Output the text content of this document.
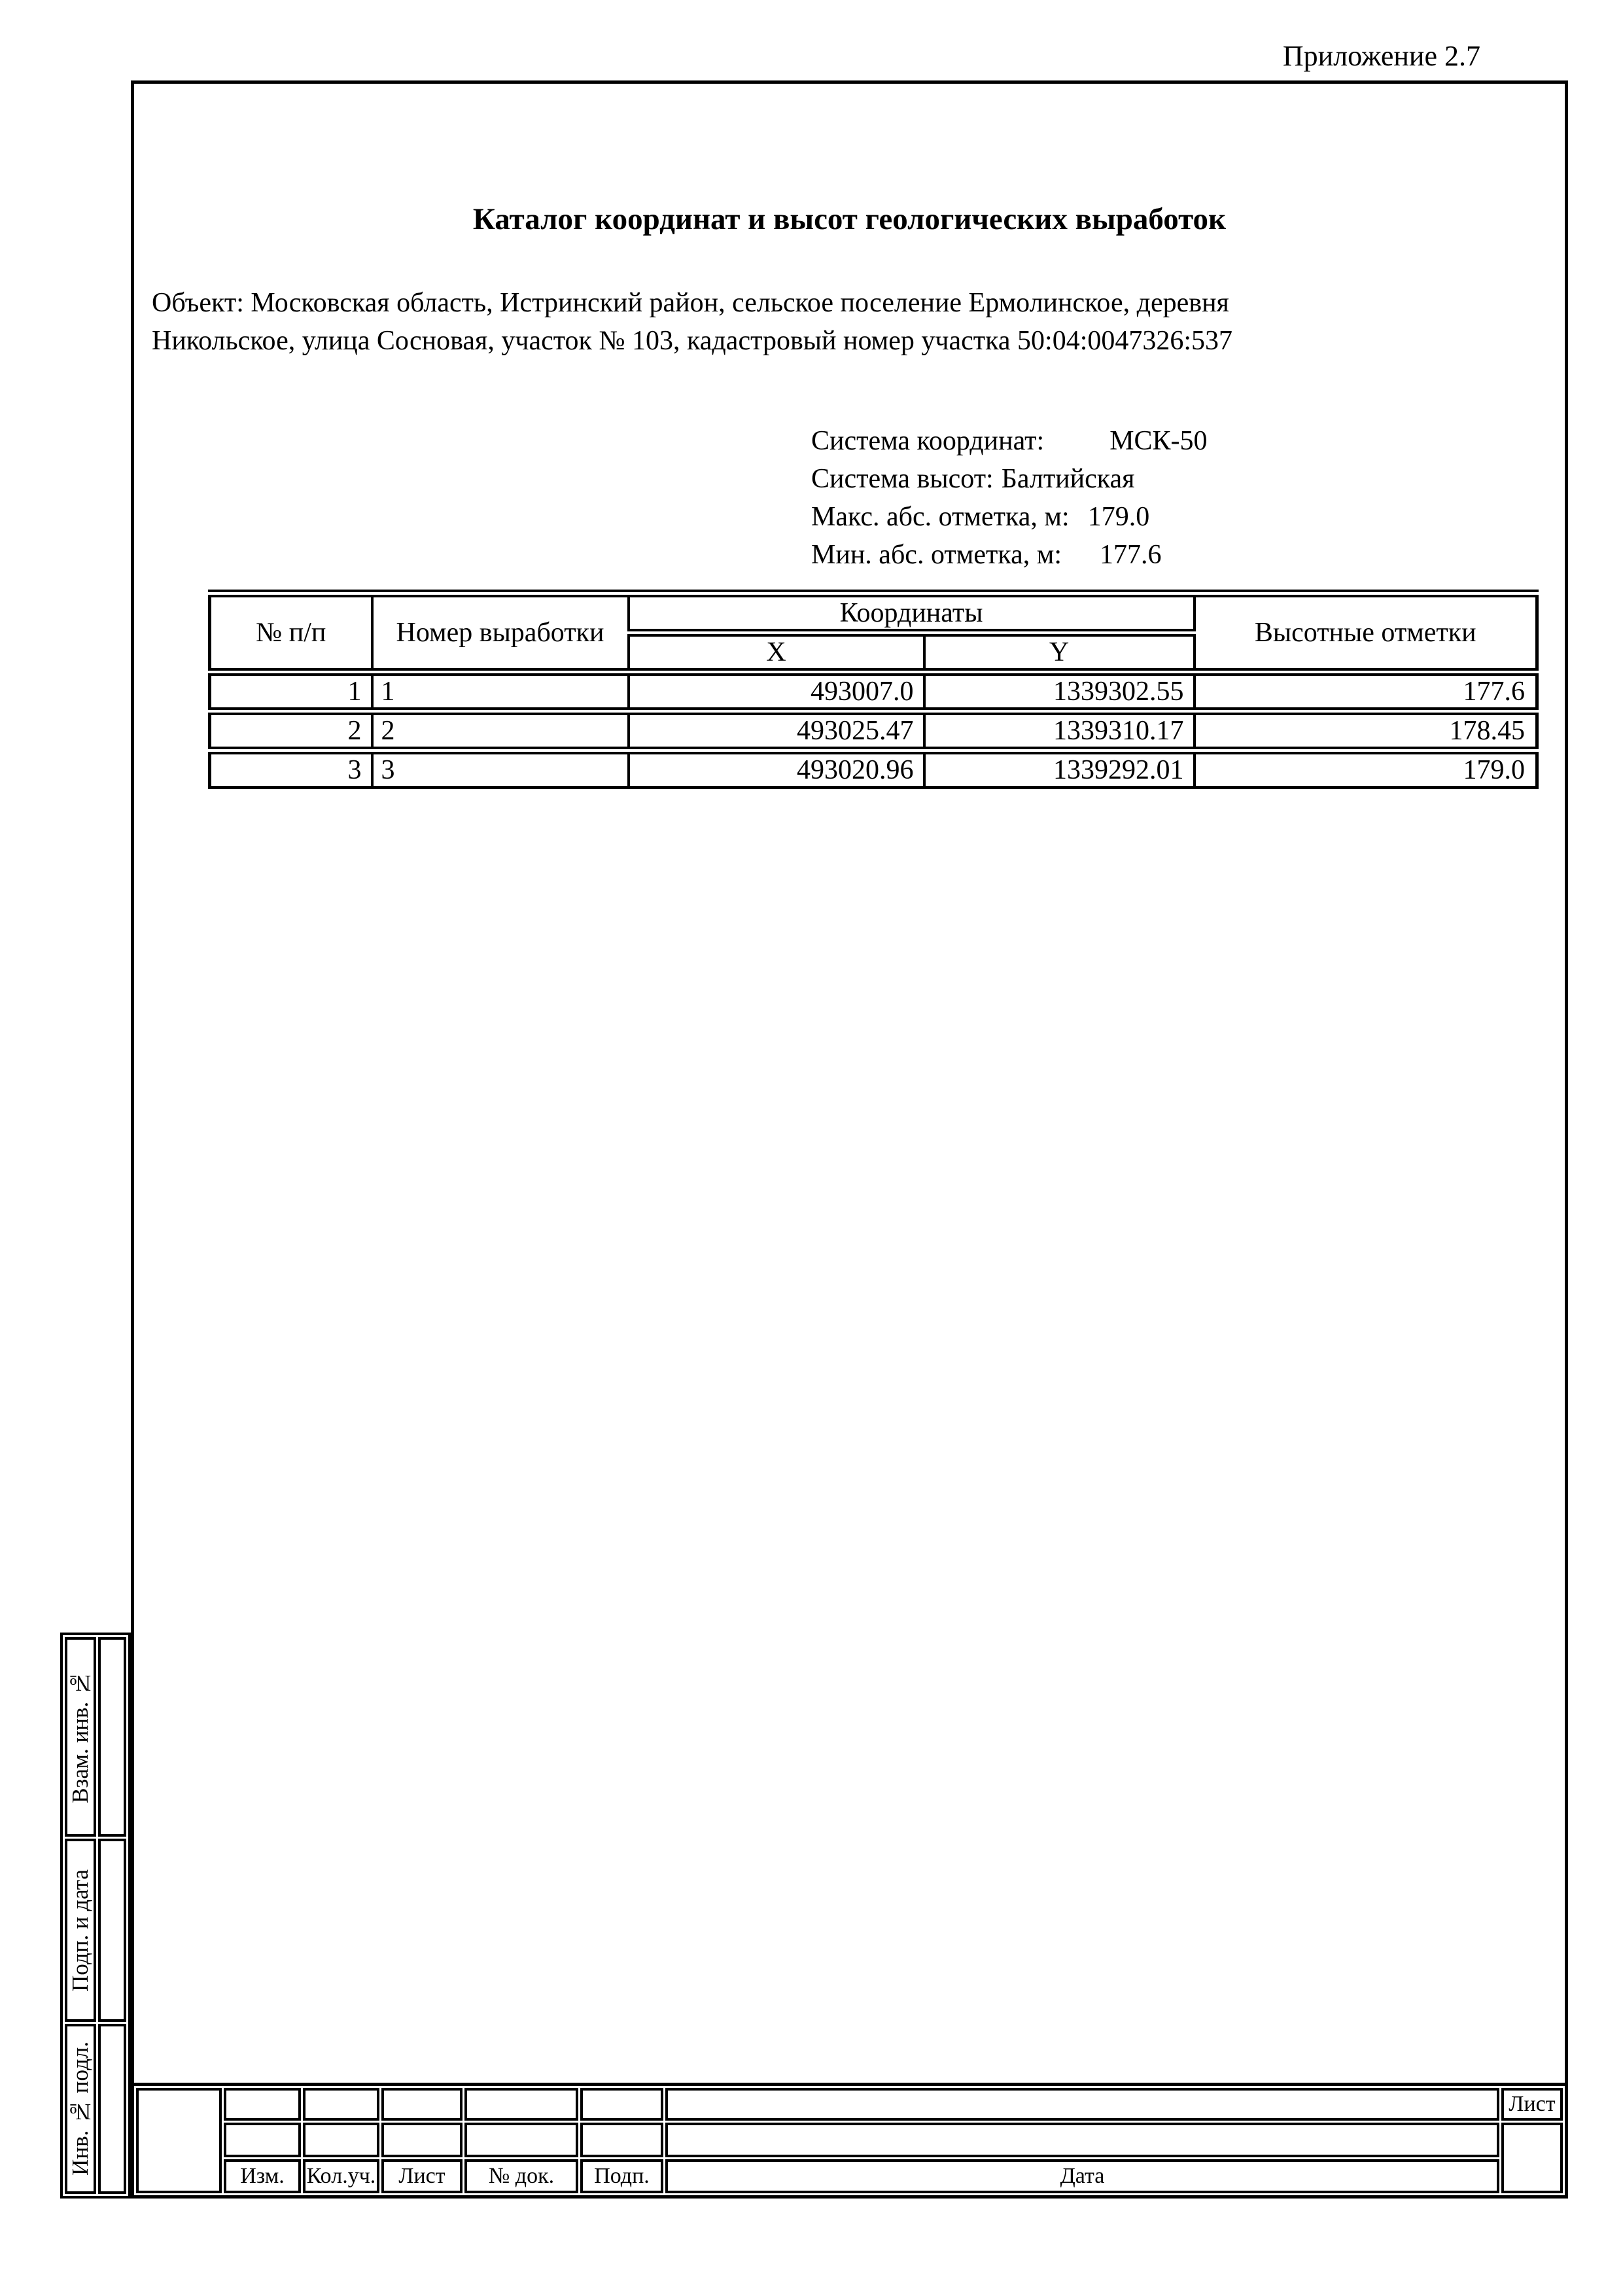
Приложение 2.7
Каталог координат и высот геологических выработок
Объект: Московская область, Истринский район, сельское поселение Ермолинское, деревня
Никольское, улица Сосновая, участок № 103, кадастровый номер участка 50:04:0047326:537
Система координат: МСК-50
Система высот: Балтийская
Макс. абс. отметка, м: 179.0
Мин. абс. отметка, м: 177.6
№ п/п	Номер выработки	Координаты		Высотные отметки
		X	Y	
1	1	493007.0	1339302.55	177.6
2	2	493025.47	1339310.17	178.45
3	3	493020.96	1339292.01	179.0
Взам. инв. №
Подп. и дата
Инв. № подл.	Лист
Изм. Кол.уч. Лист № док. Подп.	Дата
